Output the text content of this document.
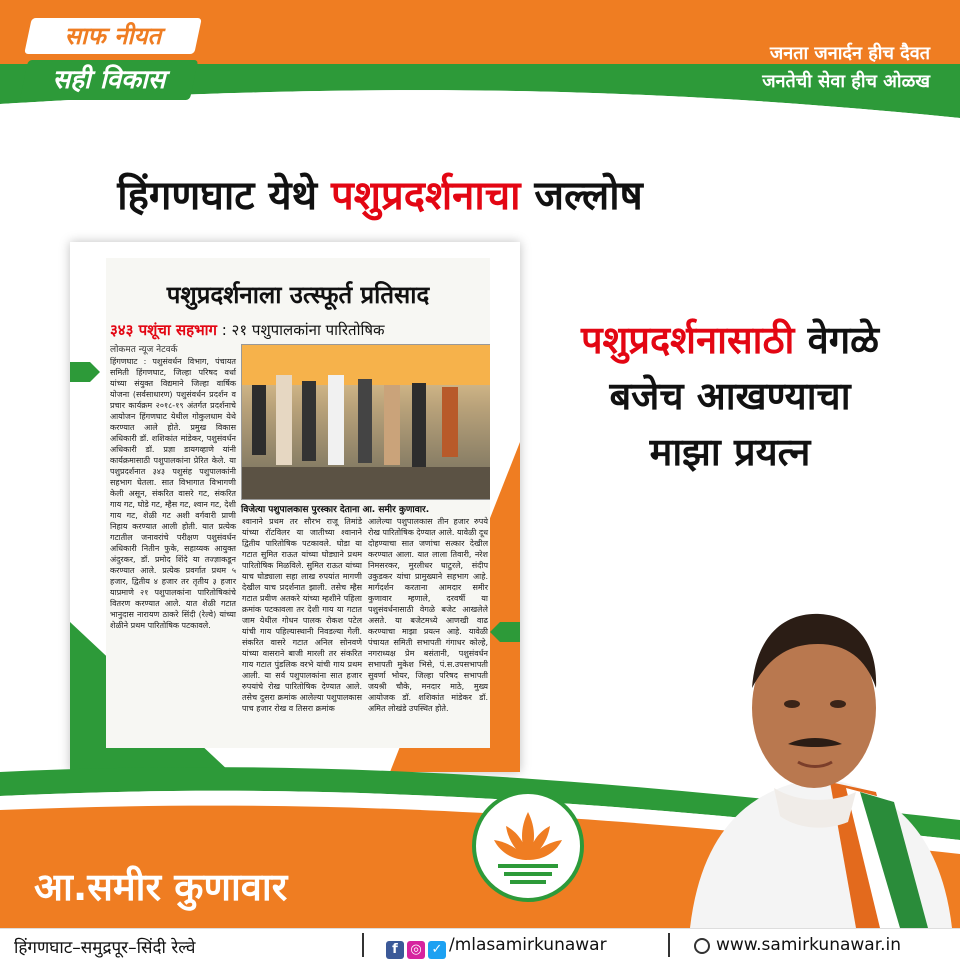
साफ नीयत
सही विकास
जनता जनार्दन हीच दैवत
जनतेची सेवा हीच ओळख
हिंगणघाट येथे पशुप्रदर्शनाचा जल्लोष
पशुप्रदर्शनाला उत्स्फूर्त प्रतिसाद
३४३ पशूंचा सहभाग : २१ पशुपालकांना पारितोषिक
लोकमत न्यूज नेटवर्क
विजेत्या पशुपालकास पुरस्कार देताना आ. समीर कुणावार.
हिंगणघाट : पशुसंवर्धन विभाग, पंचायत समिती हिंगणघाट, जिल्हा परिषद वर्धा यांच्या संयुक्त विद्यमाने जिल्हा वार्षिक योजना (सर्वसाधारण) पशुसंवर्धन प्रदर्शन व प्रचार कार्यक्रम २०१८-१९ अंतर्गत प्रदर्शनाचे आयोजन हिंगणघाट येथील गोकुलधाम येथे करण्यात आले होते. प्रमुख विकास अधिकारी डॉ. शशिकांत मांडेकर, पशुसंवर्धन अधिकारी डॉ. प्रज्ञा डायगव्हाणे यांनी कार्यक्रमासाठी पशुपालकांना प्रेरित केले. या पशुप्रदर्शनात ३४३ पशुसंह पशुपालकांनी सहभाग घेतला. सात विभागात विभागणी केली असून, संकरित वासरे गट, संकरित गाय गट, घोडे गट, म्हैस गट, श्वान गट, देशी गाय गट, शेळी गट अशी वर्गवारी प्राणी निहाय करण्यात आली होती. यात प्रत्येक गटातील जनावरांचे परीक्षण पशुसंवर्धन अधिकारी नितीन फुके, सहाय्यक आयुक्त अंदुरकर, डॉ. प्रमोद शिंदे या तज्ज्ञाकडून करण्यात आले. प्रत्येक प्रवर्गात प्रथम ५ हजार, द्वितीय ४ हजार तर तृतीय ३ हजार याप्रमाणे २१ पशुपालकांना पारितोषिकांचे वितरण करण्यात आले. यात शेळी गटात भानुदास नारायण ठाकरे सिंदी (रेल्वे) यांच्या शेळीने प्रथम पारितोषिक पटकावले.
श्वानाने प्रथम तर सौरभ राजू तिमांडे यांच्या रॉटविलर या जातीच्या श्वानाने द्वितीय पारितोषिक पटकावले. घोडा या गटात सुमित राऊत यांच्या घोड्याने प्रथम पारितोषिक मिळविले. सुमित राऊत यांच्या याच घोड्याला सहा लाख रुपयांत मागणी देखील याच प्रदर्शनात झाली. तसेच म्हैस गटात प्रवीण अतकरे यांच्या म्हशीने पहिला क्रमांक पटकावला तर देशी गाय या गटात जाम येथील गोधन पालक रोकश पटेल यांची गाय पहिल्यास्थानी निवडल्या गेली. संकरित वासरे गटात अनिल सोनवणे यांच्या वासराने बाजी मारली तर संकरित गाय गटात पुंडलिक वरभे यांची गाय प्रथम आली. या सर्व पशुपालकांना सात हजार रुपयांचे रोख पारितोषिक देण्यात आले. तसेच दुसरा क्रमांक आलेल्या पशुपालकास पाच हजार रोख व तिसरा क्रमांक
आलेल्या पशुपालकास तीन हजार रुपये रोख पारितोषिक देण्यात आले. यावेळी दूध दोहण्याचा सात जणांचा सत्कार देखील करण्यात आला. यात लाला तिवारी, नरेश निमसरकर, मुरलीधर घाटुरले, संदीप उकुडकर यांचा प्रामुख्याने सहभाग आहे. मार्गदर्शन करताना आमदार समीर कुणावार म्हणाले, दरवर्षी या पशुसंवर्धनासाठी वेगळे बजेट आखलेले असते. या बजेटमध्ये आणखी वाढ करण्याचा माझा प्रयत्न आहे. यावेळी पंचायत समिती सभापती गंगाधर कोल्हे, नगराध्यक्ष प्रेम बसंतानी, पशुसंवर्धन सभापती मुकेश भिसे, पं.स.उपसभापती सुवर्णा भोयर, जिल्हा परिषद सभापती जयश्री चौके, मनदार माठे, मुख्य आयोजक डॉ. शशिकांत मांडेकर डॉ. अमित लोखंडे उपस्थित होते.
पशुप्रदर्शनासाठी वेगळे
बजेच आखण्याचा
माझा प्रयत्न
आ.समीर कुणावार
हिंगणघाट–समुद्रपूर–सिंदी रेल्वे	f ◎ ✓ /mlasamirkunawar	www.samirkunawar.in
